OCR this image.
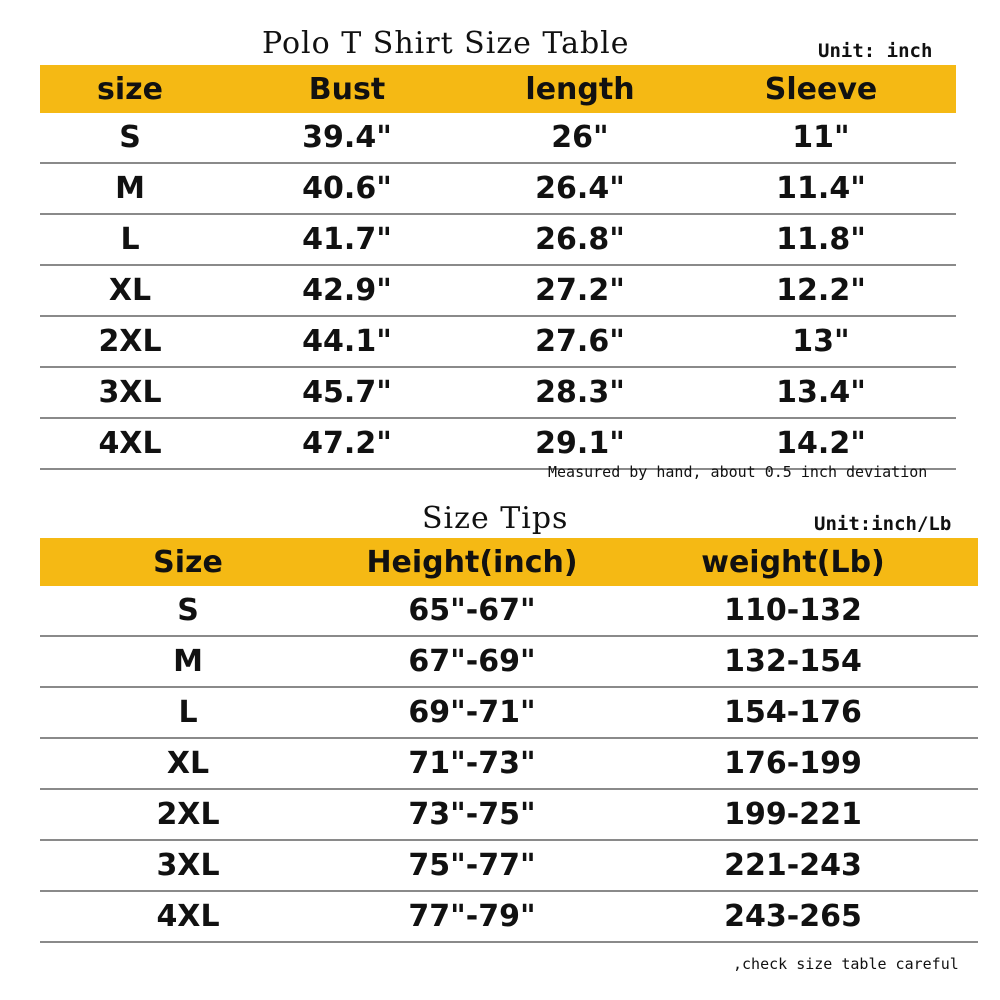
Polo T Shirt Size Table	Unit: inch
size	Bust	length	Sleeve
S	39.4"	26"	11"
M	40.6"	26.4"	11.4"
L	41.7"	26.8"	11.8"
XL	42.9"	27.2"	12.2"
2XL	44.1"	27.6"	13"
3XL	45.7"	28.3"	13.4"
4XL	47.2"	29.1"	14.2"
Measured by hand, about 0.5 inch deviation
Size Tips	Unit:inch/Lb
Size	Height(inch)	weight(Lb)
S	65"-67"	110-132
M	67"-69"	132-154
L	69"-71"	154-176
XL	71"-73"	176-199
2XL	73"-75"	199-221
3XL	75"-77"	221-243
4XL	77"-79"	243-265
,check size table careful
